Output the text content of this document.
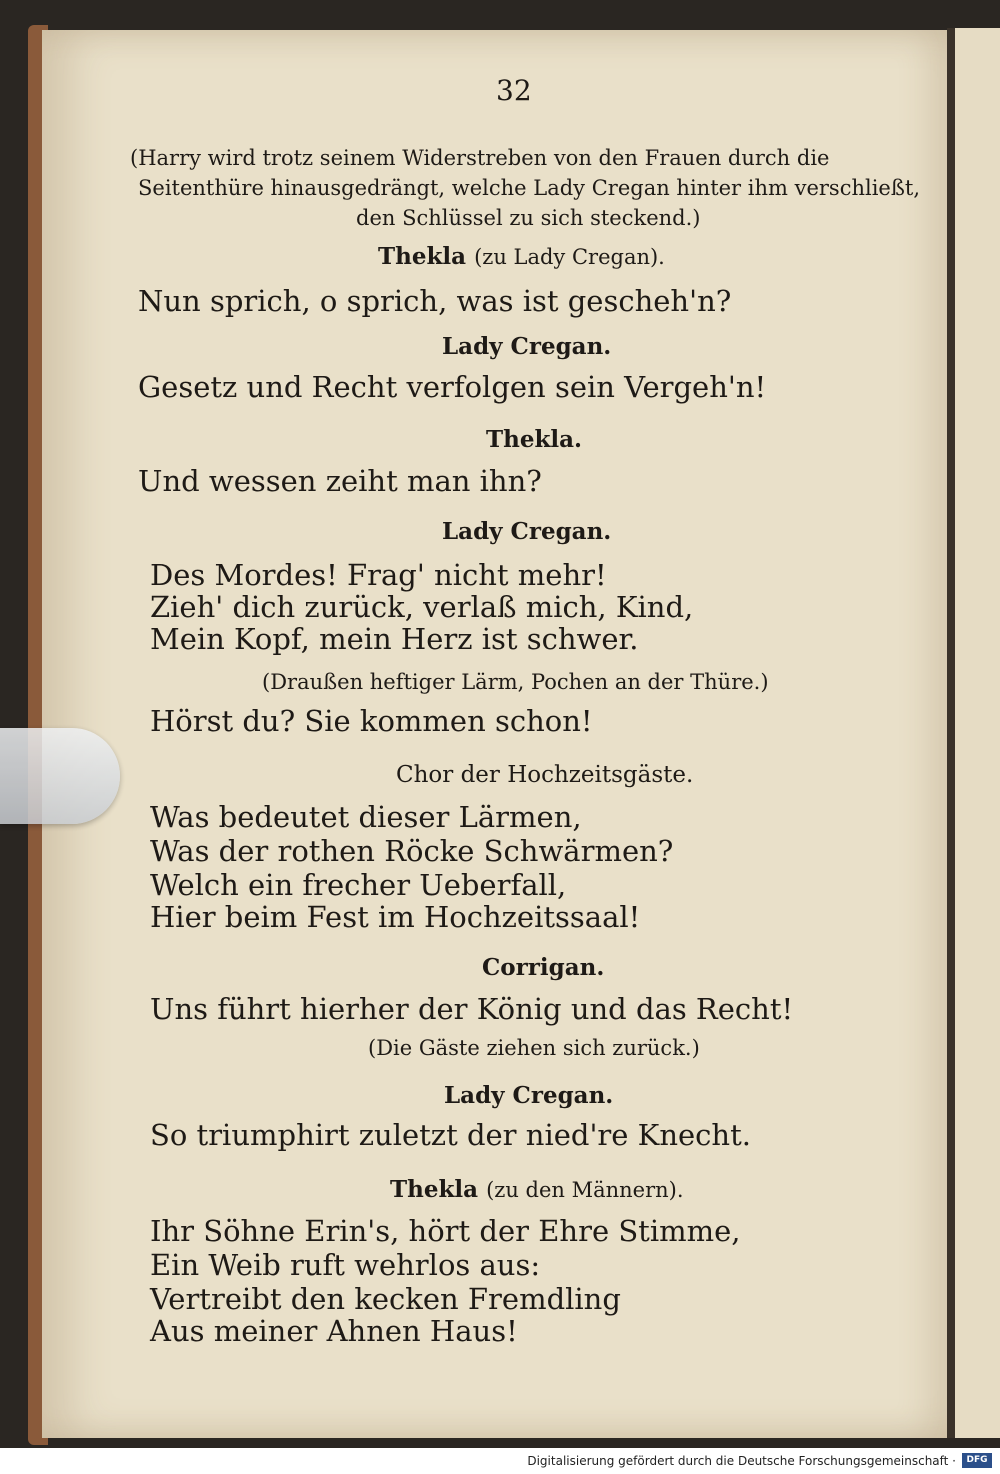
32
(Harry wird trotz seinem Widerstreben von den Frauen durch die
Seitenthüre hinausgedrängt, welche Lady Cregan hinter ihm verschließt,
den Schlüssel zu sich steckend.)
Thekla (zu Lady Cregan).
Nun sprich, o sprich, was ist gescheh'n?
Lady Cregan.
Gesetz und Recht verfolgen sein Vergeh'n!
Thekla.
Und wessen zeiht man ihn?
Lady Cregan.
Des Mordes! Frag' nicht mehr!
Zieh' dich zurück, verlaß mich, Kind,
Mein Kopf, mein Herz ist schwer.
(Draußen heftiger Lärm, Pochen an der Thüre.)
Hörst du? Sie kommen schon!
Chor der Hochzeitsgäste.
Was bedeutet dieser Lärmen,
Was der rothen Röcke Schwärmen?
Welch ein frecher Ueberfall,
Hier beim Fest im Hochzeitssaal!
Corrigan.
Uns führt hierher der König und das Recht!
(Die Gäste ziehen sich zurück.)
Lady Cregan.
So triumphirt zuletzt der nied're Knecht.
Thekla (zu den Männern).
Ihr Söhne Erin's, hört der Ehre Stimme,
Ein Weib ruft wehrlos aus:
Vertreibt den kecken Fremdling
Aus meiner Ahnen Haus!
Digitalisierung gefördert durch die Deutsche Forschungsgemeinschaft ·	DFG
